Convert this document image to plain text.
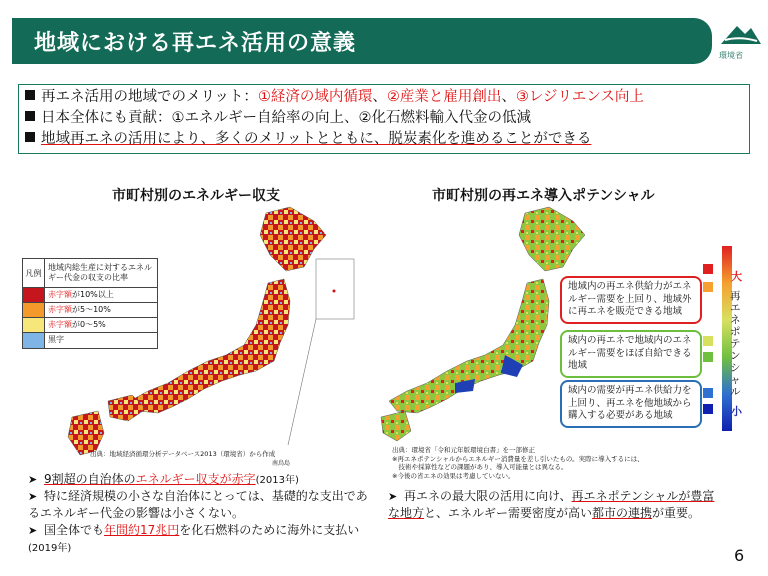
地域における再エネ活用の意義	環境省
再エネ活用の地域でのメリット：①経済の域内循環、②産業と雇用創出、③レジリエンス向上
日本全体にも貢献：①エネルギー自給率の向上、②化石燃料輸入代金の低減
地域再エネの活用により、多くのメリットとともに、脱炭素化を進めることができる
市町村別のエネルギー収支	市町村別の再エネ導入ポテンシャル
凡例
地域内総生産に対するエネルギー代金の収支の比率
赤字額が10%以上
赤字額が5～10%
赤字額が0～5%
黒字
出典：地域経済循環分析データベース2013（環境省）から作成
南鳥島
出典：環境省「令和元年版環境白書」を一部修正
※再エネポテンシャルからエネルギー消費量を差し引いたもの。実際に導入するには、
　技術や採算性などの課題があり、導入可能量とは異なる。
※今後の省エネの効果は考慮していない。
地域内の再エネ供給力がエネルギー需要を上回り、地域外に再エネを販売できる地域
域内の再エネで地域内のエネルギー需要をほぼ自給できる地域
域内の需要が再エネ供給力を上回り、再エネを他地域から購入する必要がある地域
大
再エネポテンシャル
小
➤ 9割超の自治体のエネルギー収支が赤字(2013年)
➤ 特に経済規模の小さな自治体にとっては、基礎的な支出であるエネルギー代金の影響は小さくない。
➤ 国全体でも年間約17兆円を化石燃料のために海外に支払い(2019年)
➤ 再エネの最大限の活用に向け、再エネポテンシャルが豊富な地方と、エネルギー需要密度が高い都市の連携が重要。
6
